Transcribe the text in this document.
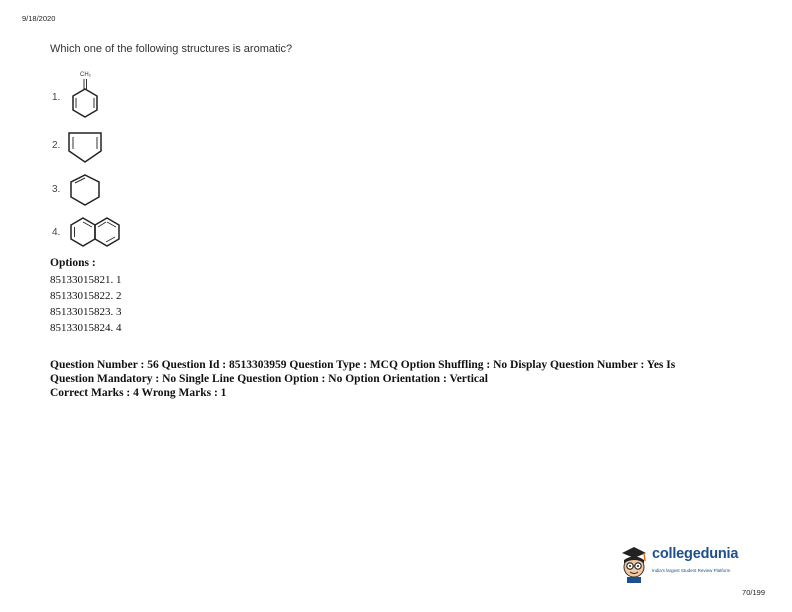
9/18/2020
Which one of the following structures is aromatic?
1.
CH₂
2.
3.
4.
Options :
85133015821. 1
85133015822. 2
85133015823. 3
85133015824. 4
Question Number : 56 Question Id : 8513303959 Question Type : MCQ Option Shuffling : No Display Question Number : Yes Is
Question Mandatory : No Single Line Question Option : No Option Orientation : Vertical
Correct Marks : 4 Wrong Marks : 1
collegedunia
India's largest Student Review Platform
70/199
